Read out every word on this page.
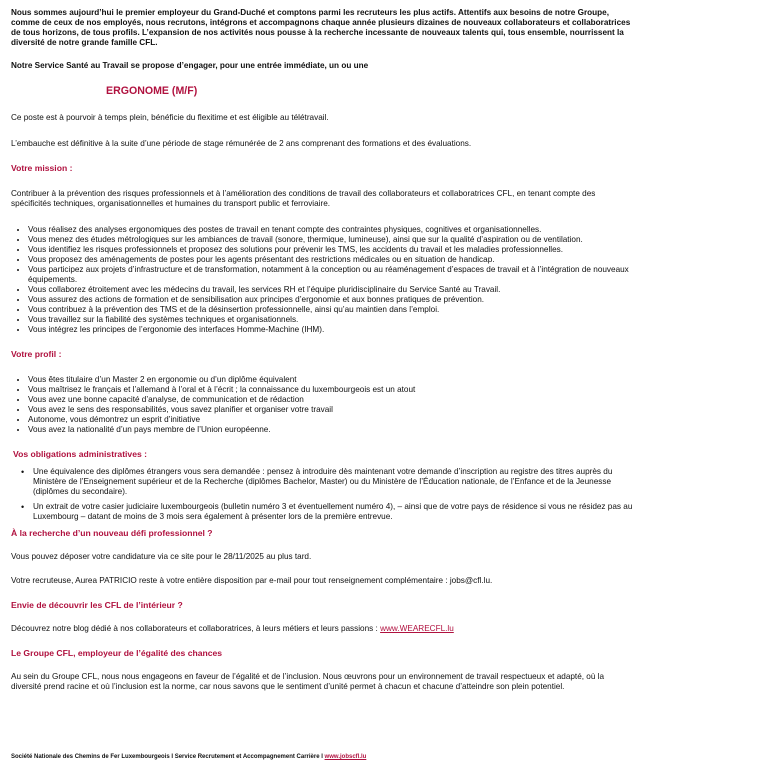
Nous sommes aujourd’hui le premier employeur du Grand-Duché et comptons parmi les recruteurs les plus actifs. Attentifs aux besoins de notre Groupe, comme de ceux de nos employés, nous recrutons, intégrons et accompagnons chaque année plusieurs dizaines de nouveaux collaborateurs et collaboratrices de tous horizons, de tous profils. L’expansion de nos activités nous pousse à la recherche incessante de nouveaux talents qui, tous ensemble, nourrissent la diversité de notre grande famille CFL.

Notre Service Santé au Travail se propose d’engager, pour une entrée immédiate, un ou une

ERGONOME (M/F)

Ce poste est à pourvoir à temps plein, bénéficie du flexitime et est éligible au télétravail.

L’embauche est définitive à la suite d’une période de stage rémunérée de 2 ans comprenant des formations et des évaluations.

Votre mission :

Contribuer à la prévention des risques professionnels et à l’amélioration des conditions de travail des collaborateurs et collaboratrices CFL, en tenant compte des spécificités techniques, organisationnelles et humaines du transport public et ferroviaire.

• Vous réalisez des analyses ergonomiques des postes de travail en tenant compte des contraintes physiques, cognitives et organisationnelles.
• Vous menez des études métrologiques sur les ambiances de travail (sonore, thermique, lumineuse), ainsi que sur la qualité d’aspiration ou de ventilation.
• Vous identifiez les risques professionnels et proposez des solutions pour prévenir les TMS, les accidents du travail et les maladies professionnelles.
• Vous proposez des aménagements de postes pour les agents présentant des restrictions médicales ou en situation de handicap.
• Vous participez aux projets d’infrastructure et de transformation, notamment à la conception ou au réaménagement d’espaces de travail et à l’intégration de nouveaux équipements.
• Vous collaborez étroitement avec les médecins du travail, les services RH et l’équipe pluridisciplinaire du Service Santé au Travail.
• Vous assurez des actions de formation et de sensibilisation aux principes d’ergonomie et aux bonnes pratiques de prévention.
• Vous contribuez à la prévention des TMS et de la désinsertion professionnelle, ainsi qu’au maintien dans l’emploi.
• Vous travaillez sur la fiabilité des systèmes techniques et organisationnels.
• Vous intégrez les principes de l’ergonomie des interfaces Homme-Machine (IHM).
Votre profil :
• Vous êtes titulaire d’un Master 2 en ergonomie ou d’un diplôme équivalent
• Vous maîtrisez le français et l’allemand à l’oral et à l’écrit ; la connaissance du luxembourgeois est un atout
• Vous avez une bonne capacité d’analyse, de communication et de rédaction
• Vous avez le sens des responsabilités, vous savez planifier et organiser votre travail
• Autonome, vous démontrez un esprit d’initiative
• Vous avez la nationalité d’un pays membre de l’Union européenne.
Vos obligations administratives :
• Une équivalence des diplômes étrangers vous sera demandée : pensez à introduire dès maintenant votre demande d’inscription au registre des titres auprès du Ministère de l’Enseignement supérieur et de la Recherche (diplômes Bachelor, Master) ou du Ministère de l’Éducation nationale, de l’Enfance et de la Jeunesse (diplômes du secondaire).
• Un extrait de votre casier judiciaire luxembourgeois (bulletin numéro 3 et éventuellement numéro 4), – ainsi que de votre pays de résidence si vous ne résidez pas au Luxembourg – datant de moins de 3 mois sera également à présenter lors de la première entrevue.
À la recherche d’un nouveau défi professionnel ?

Vous pouvez déposer votre candidature via ce site pour le 28/11/2025 au plus tard.

Votre recruteuse, Aurea PATRICIO reste à votre entière disposition par e-mail pour tout renseignement complémentaire : jobs@cfl.lu.

Envie de découvrir les CFL de l’intérieur ?

Découvrez notre blog dédié à nos collaborateurs et collaboratrices, à leurs métiers et leurs passions : www.WEARECFL.lu

Le Groupe CFL, employeur de l’égalité des chances

Au sein du Groupe CFL, nous nous engageons en faveur de l’égalité et de l’inclusion. Nous œuvrons pour un environnement de travail respectueux et adapté, où la diversité prend racine et où l’inclusion est la norme, car nous savons que le sentiment d’unité permet à chacun et chacune d’atteindre son plein potentiel.

Société Nationale des Chemins de Fer Luxembourgeois I Service Recrutement et Accompagnement Carrière I www.jobscfl.lu
